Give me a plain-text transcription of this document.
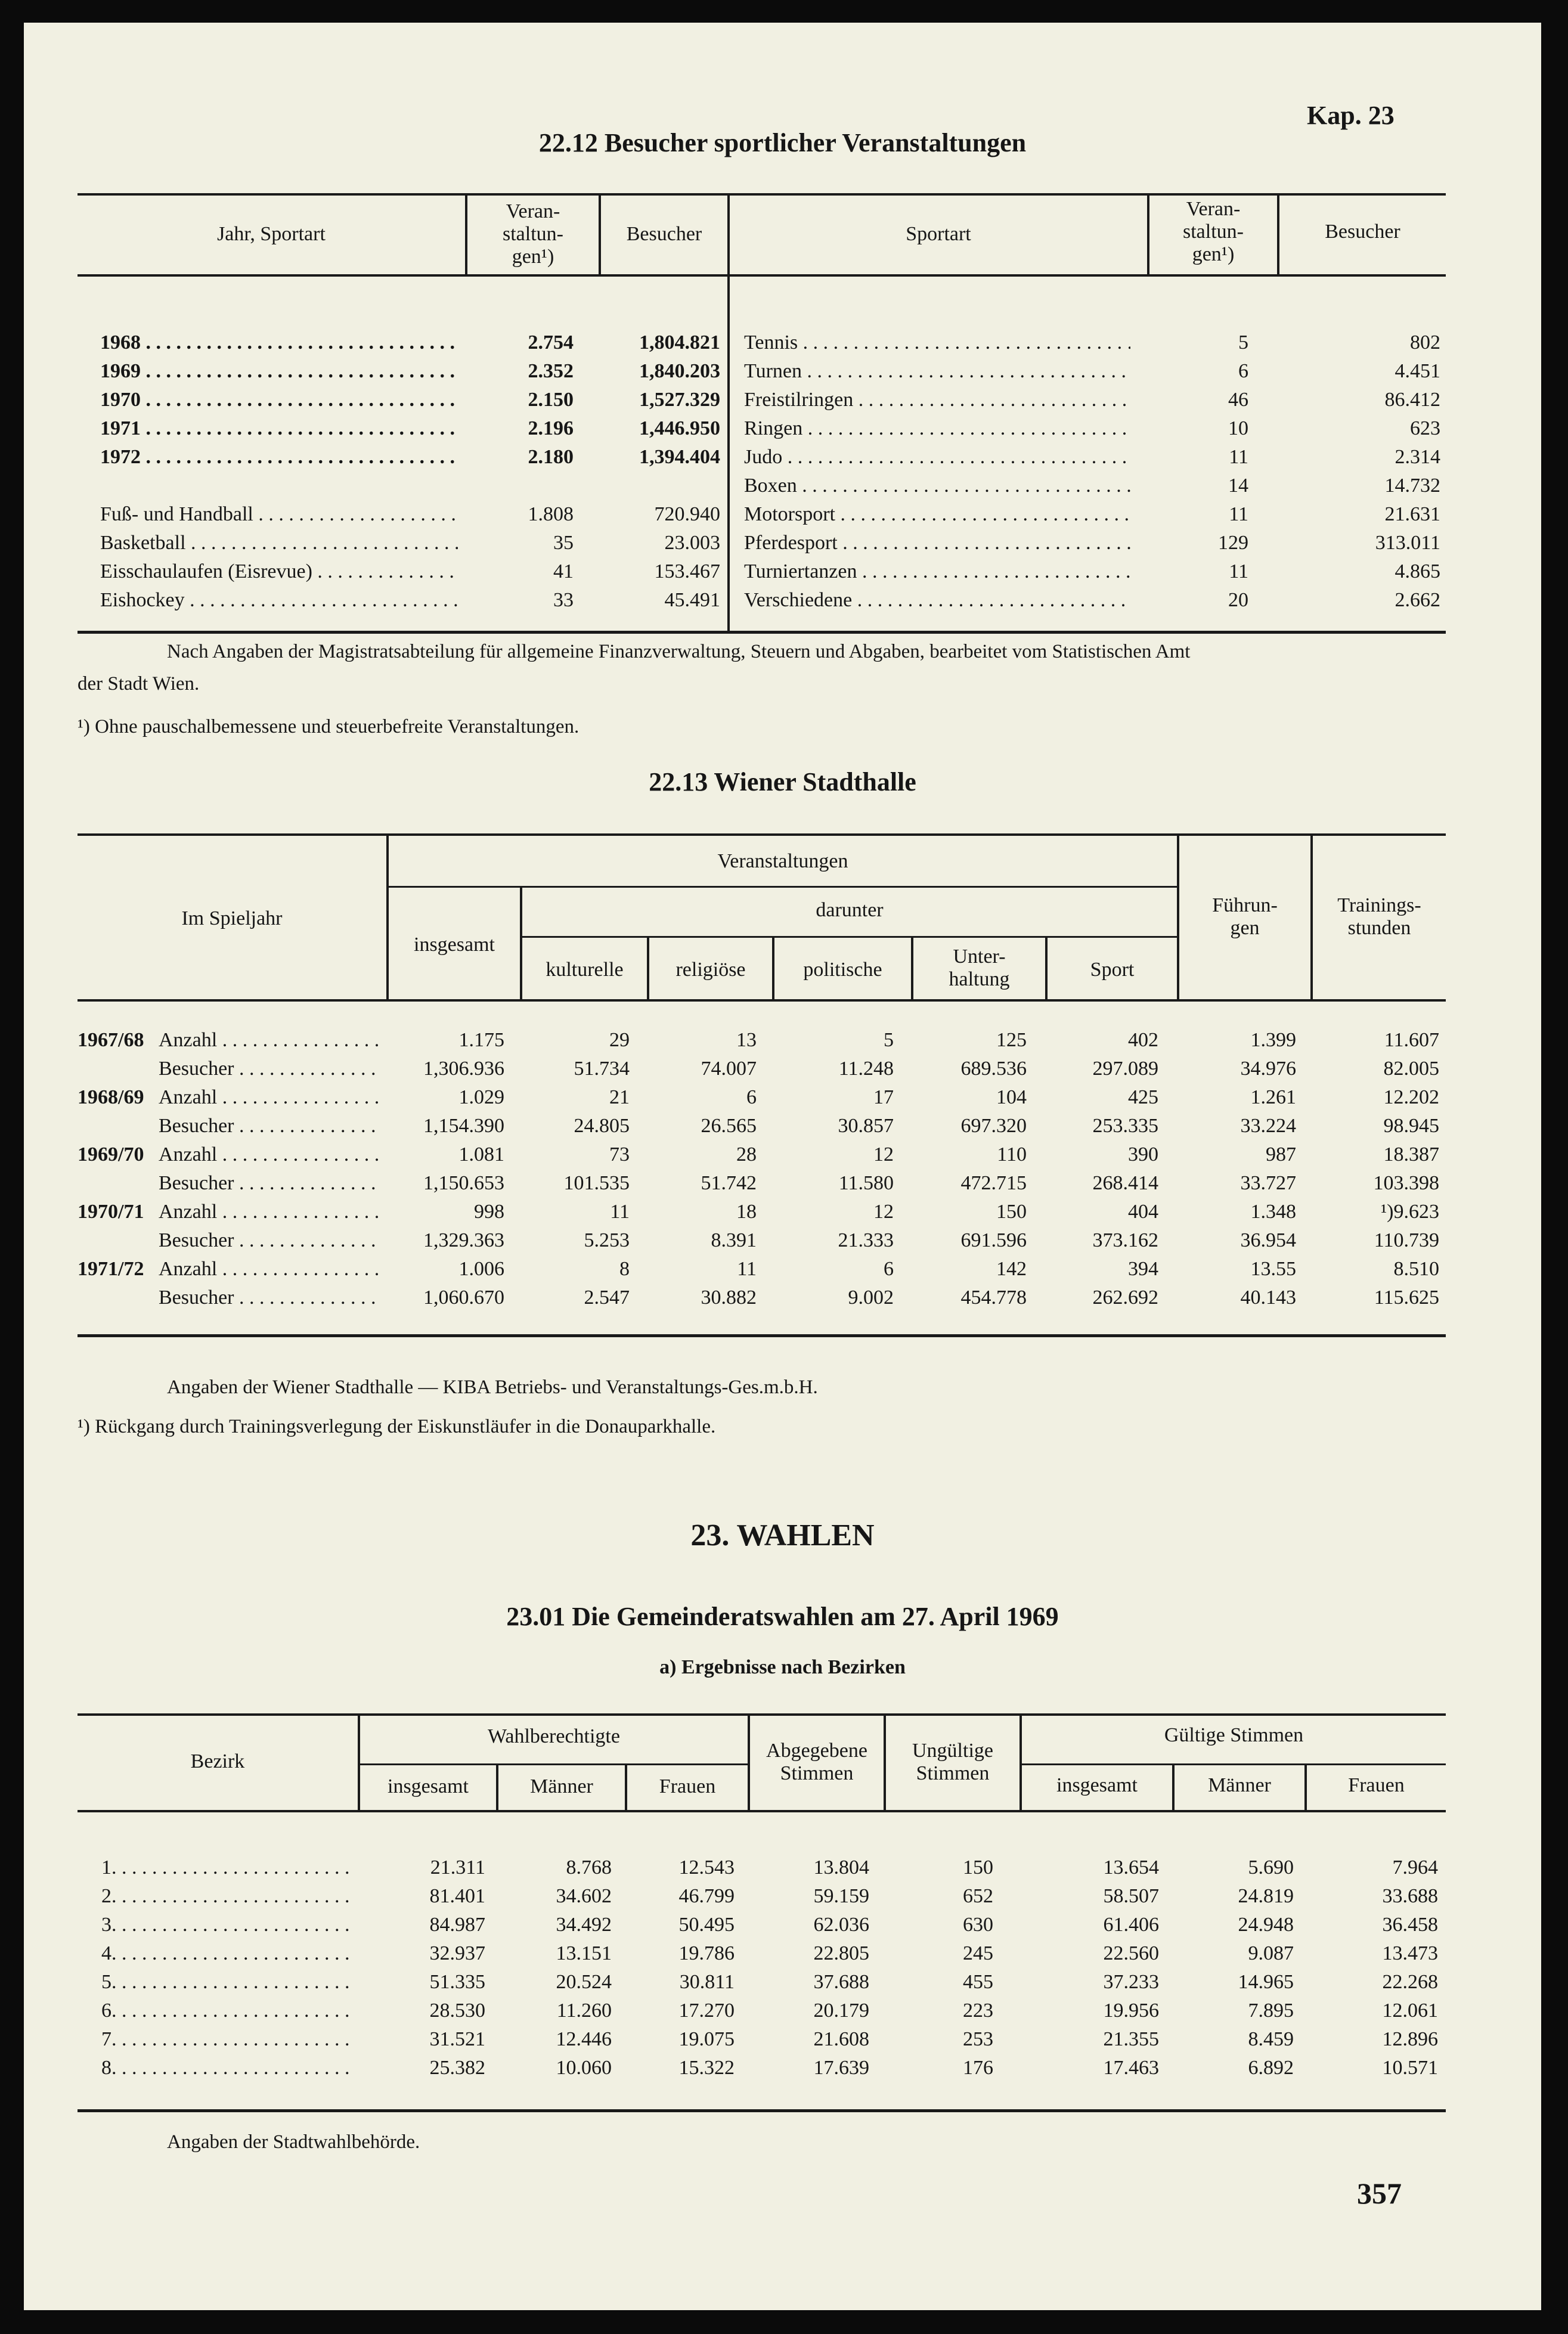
Kap. 23
22.12 Besucher sportlicher Veranstaltungen
Jahr, Sportart
Veran-
staltun-
gen¹)
Besucher	Sportart
Veran-
staltun-
gen¹)
Besucher
1968 . . .	2.754	1,804.821
1969 . . .	2.352	1,840.203
1970 . . .	2.150	1,527.329
1971 . . .	2.196	1,446.950
1972 . . .	2.180	1,394.404
Fuß- und Handball . . .	1.808	720.940
Basketball . . .	35	23.003
Eisschaulaufen (Eisrevue) . . .	41	153.467
Eishockey . . .	33	45.491
Tennis . . .	5	802
Turnen . . .	6	4.451
Freistilringen . . .	46	86.412
Ringen . . .	10	623
Judo . . .	11	2.314
Boxen . . .	14	14.732
Motorsport . . .	11	21.631
Pferdesport . . .	129	313.011
Turniertanzen . . .	11	4.865
Verschiedene . . .	20	2.662
Nach Angaben der Magistratsabteilung für allgemeine Finanzverwaltung, Steuern und Abgaben, bearbeitet vom Statistischen Amt
der Stadt Wien.
¹) Ohne pauschalbemessene und steuerbefreite Veranstaltungen.
22.13 Wiener Stadthalle
Im Spieljahr
Veranstaltungen
insgesamt
darunter
kulturelle	religiöse	politische
Unter-
haltung	Sport
Führun-
gen
Trainings-
stunden
1967/68 Anzahl . . .	1.175	29	13	5	125	402	1.399	11.607
Besucher . . .	1,306.936	51.734	74.007	11.248	689.536	297.089	34.976	82.005
1968/69 Anzahl . . .	1.029	21	6	17	104	425	1.261	12.202
Besucher . . .	1,154.390	24.805	26.565	30.857	697.320	253.335	33.224	98.945
1969/70 Anzahl . . .	1.081	73	28	12	110	390	987	18.387
Besucher . . .	1,150.653	101.535	51.742	11.580	472.715	268.414	33.727	103.398
1970/71 Anzahl . . .	998	11	18	12	150	404	1.348	¹)9.623
Besucher . . .	1,329.363	5.253	8.391	21.333	691.596	373.162	36.954	110.739
1971/72 Anzahl . . .	1.006	8	11	6	142	394	13.55	8.510
Besucher . . .	1,060.670	2.547	30.882	9.002	454.778	262.692	40.143	115.625
Angaben der Wiener Stadthalle — KIBA Betriebs- und Veranstaltungs-Ges.m.b.H.
¹) Rückgang durch Trainingsverlegung der Eiskunstläufer in die Donauparkhalle.
23. WAHLEN
23.01 Die Gemeinderatswahlen am 27. April 1969
a) Ergebnisse nach Bezirken
Bezirk
Wahlberechtigte
insgesamt	Männer	Frauen
Abgegebene
Stimmen
Ungültige
Stimmen
Gültige Stimmen
insgesamt	Männer	Frauen
1. . . .	21.311	8.768	12.543	13.804	150	13.654	5.690	7.964
2. . . .	81.401	34.602	46.799	59.159	652	58.507	24.819	33.688
3. . . .	84.987	34.492	50.495	62.036	630	61.406	24.948	36.458
4. . . .	32.937	13.151	19.786	22.805	245	22.560	9.087	13.473
5. . . .	51.335	20.524	30.811	37.688	455	37.233	14.965	22.268
6. . . .	28.530	11.260	17.270	20.179	223	19.956	7.895	12.061
7. . . .	31.521	12.446	19.075	21.608	253	21.355	8.459	12.896
8. . . .	25.382	10.060	15.322	17.639	176	17.463	6.892	10.571
Angaben der Stadtwahlbehörde.
357
